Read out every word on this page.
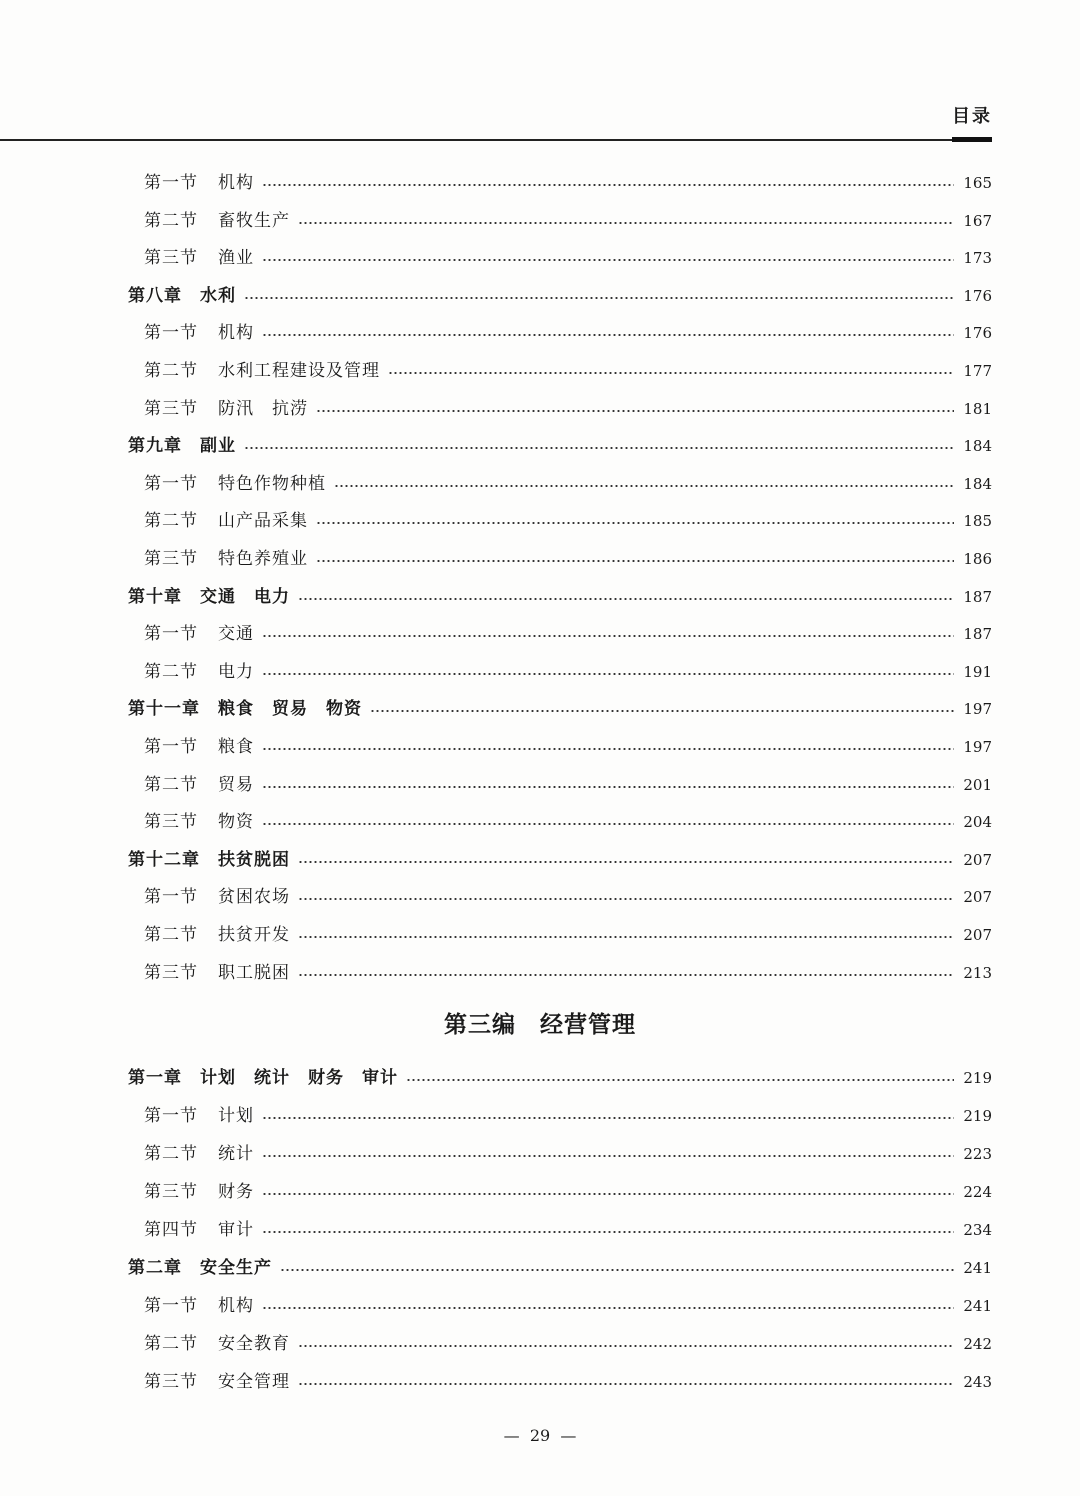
目录
第一节 机构	165
第二节 畜牧生产	167
第三节 渔业	173
第八章 水利	176
第一节 机构	176
第二节 水利工程建设及管理	177
第三节 防汛　抗涝	181
第九章 副业	184
第一节 特色作物种植	184
第二节 山产品采集	185
第三节 特色养殖业	186
第十章 交通　电力	187
第一节 交通	187
第二节 电力	191
第十一章 粮食　贸易　物资	197
第一节 粮食	197
第二节 贸易	201
第三节 物资	204
第十二章 扶贫脱困	207
第一节 贫困农场	207
第二节 扶贫开发	207
第三节 职工脱困	213
第三编　经营管理
第一章 计划　统计　财务　审计	219
第一节 计划	219
第二节 统计	223
第三节 财务	224
第四节 审计	234
第二章 安全生产	241
第一节 机构	241
第二节 安全教育	242
第三节 安全管理	243
—  29  —
